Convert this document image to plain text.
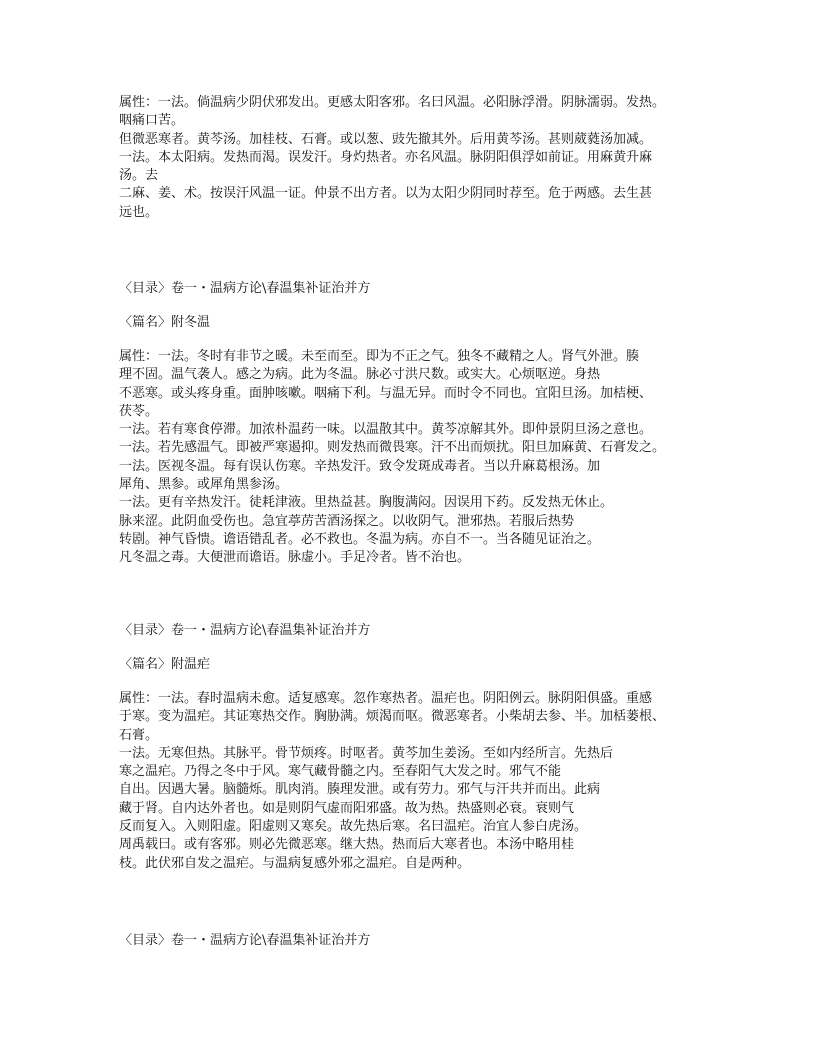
属性：一法。倘温病少阴伏邪发出。更感太阳客邪。名曰风温。必阳脉浮滑。阴脉濡弱。发热。
咽痛口苦。
但微恶寒者。黄芩汤。加桂枝、石膏。或以葱、豉先撤其外。后用黄芩汤。甚则葳蕤汤加减。
一法。本太阳病。发热而渴。误发汗。身灼热者。亦名风温。脉阴阳俱浮如前证。用麻黄升麻
汤。去
二麻、姜、术。按误汗风温一证。仲景不出方者。以为太阳少阴同时荐至。危于两感。去生甚
远也。
〈目录〉卷一・温病方论\春温集补证治并方
〈篇名〉附冬温
属性：一法。冬时有非节之暖。未至而至。即为不正之气。独冬不藏精之人。肾气外泄。腠
理不固。温气袭人。感之为病。此为冬温。脉必寸洪尺数。或实大。心烦呕逆。身热
不恶寒。或头疼身重。面肿咳嗽。咽痛下利。与温无异。而时令不同也。宜阳旦汤。加桔梗、
茯苓。
一法。若有寒食停滞。加浓朴温药一味。以温散其中。黄芩凉解其外。即仲景阴旦汤之意也。
一法。若先感温气。即被严寒遏抑。则发热而微畏寒。汗不出而烦扰。阳旦加麻黄、石膏发之。
一法。医视冬温。每有误认伤寒。辛热发汗。致令发斑成毒者。当以升麻葛根汤。加
犀角、黑参。或犀角黑参汤。
一法。更有辛热发汗。徒耗津液。里热益甚。胸腹满闷。因误用下药。反发热无休止。
脉来涩。此阴血受伤也。急宜葶苈苦酒汤探之。以收阴气。泄邪热。若服后热势
转剧。神气昏愦。谵语错乱者。必不救也。冬温为病。亦自不一。当各随见证治之。
凡冬温之毒。大便泄而谵语。脉虚小。手足冷者。皆不治也。
〈目录〉卷一・温病方论\春温集补证治并方
〈篇名〉附温疟
属性：一法。春时温病未愈。适复感寒。忽作寒热者。温疟也。阴阳例云。脉阴阳俱盛。重感
于寒。变为温疟。其证寒热交作。胸胁满。烦渴而呕。微恶寒者。小柴胡去参、半。加栝蒌根、
石膏。
一法。无寒但热。其脉平。骨节烦疼。时呕者。黄芩加生姜汤。至如内经所言。先热后
寒之温疟。乃得之冬中于风。寒气藏骨髓之内。至春阳气大发之时。邪气不能
自出。因遇大暑。脑髓烁。肌肉消。腠理发泄。或有劳力。邪气与汗共并而出。此病
藏于肾。自内达外者也。如是则阴气虚而阳邪盛。故为热。热盛则必衰。衰则气
反而复入。入则阳虚。阳虚则又寒矣。故先热后寒。名曰温疟。治宜人参白虎汤。
周禹载曰。或有客邪。则必先微恶寒。继大热。热而后大寒者也。本汤中略用桂
枝。此伏邪自发之温疟。与温病复感外邪之温疟。自是两种。
〈目录〉卷一・温病方论\春温集补证治并方
